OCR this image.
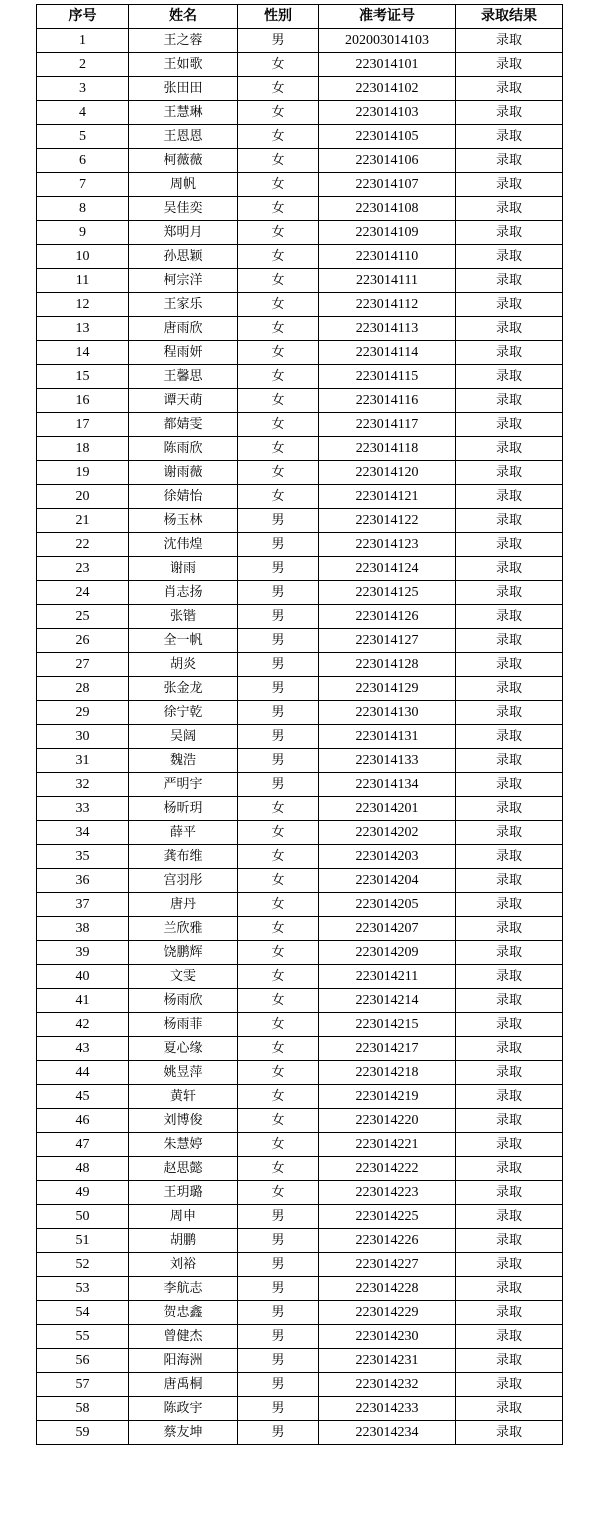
序号	姓名	性别	准考证号	录取结果
1	王之蓉	男	202003014103	录取
2	王如歌	女	223014101	录取
3	张田田	女	223014102	录取
4	王慧琳	女	223014103	录取
5	王恩恩	女	223014105	录取
6	柯薇薇	女	223014106	录取
7	周帆	女	223014107	录取
8	吴佳奕	女	223014108	录取
9	郑明月	女	223014109	录取
10	孙思颖	女	223014110	录取
11	柯宗洋	女	223014111	录取
12	王家乐	女	223014112	录取
13	唐雨欣	女	223014113	录取
14	程雨妍	女	223014114	录取
15	王馨思	女	223014115	录取
16	谭天萌	女	223014116	录取
17	都婧雯	女	223014117	录取
18	陈雨欣	女	223014118	录取
19	谢雨薇	女	223014120	录取
20	徐婧怡	女	223014121	录取
21	杨玉林	男	223014122	录取
22	沈伟煌	男	223014123	录取
23	谢雨	男	223014124	录取
24	肖志扬	男	223014125	录取
25	张锴	男	223014126	录取
26	全一帆	男	223014127	录取
27	胡炎	男	223014128	录取
28	张金龙	男	223014129	录取
29	徐宁乾	男	223014130	录取
30	吴阔	男	223014131	录取
31	魏浩	男	223014133	录取
32	严明宇	男	223014134	录取
33	杨昕玥	女	223014201	录取
34	薛平	女	223014202	录取
35	龚布维	女	223014203	录取
36	宫羽彤	女	223014204	录取
37	唐丹	女	223014205	录取
38	兰欣雅	女	223014207	录取
39	饶鹏辉	女	223014209	录取
40	文雯	女	223014211	录取
41	杨雨欣	女	223014214	录取
42	杨雨菲	女	223014215	录取
43	夏心缘	女	223014217	录取
44	姚昱萍	女	223014218	录取
45	黄轩	女	223014219	录取
46	刘博俊	女	223014220	录取
47	朱慧婷	女	223014221	录取
48	赵思懿	女	223014222	录取
49	王玥璐	女	223014223	录取
50	周申	男	223014225	录取
51	胡鹏	男	223014226	录取
52	刘裕	男	223014227	录取
53	李航志	男	223014228	录取
54	贺忠鑫	男	223014229	录取
55	曾健杰	男	223014230	录取
56	阳海洲	男	223014231	录取
57	唐禹桐	男	223014232	录取
58	陈政宇	男	223014233	录取
59	蔡友坤	男	223014234	录取
